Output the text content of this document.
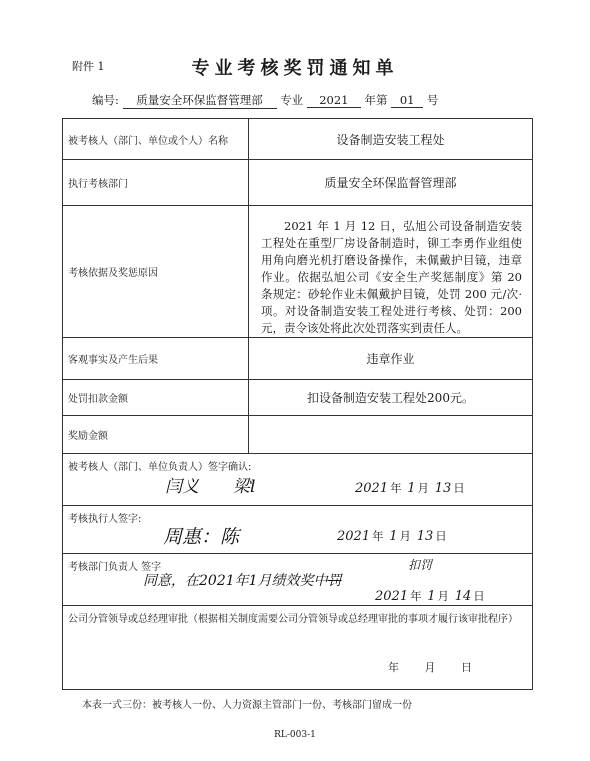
附件 1	专业考核奖罚通知单
编号: 质量安全环保监督管理部 专业 2021 年第 01 号
被考核人（部门、单位或个人）名称	设备制造安装工程处
执行考核部门	质量安全环保监督管理部
考核依据及奖惩原因
2021 年 1 月 12 日，弘旭公司设备制造安装工程处在重型厂房设备制造时，铆工李勇作业组使用角向磨光机打磨设备操作，未佩戴护目镜，违章作业。依据弘旭公司《安全生产奖惩制度》第 20 条规定：砂轮作业未佩戴护目镜，处罚 200 元/次·项。对设备制造安装工程处进行考核、处罚：200 元，责令该处将此次处罚落实到责任人。
客观事实及产生后果	违章作业
处罚扣款金额	扣设备制造安装工程处200元。
奖励金额
被考核人（部门、单位负责人）签字确认:
闫义　　梁l	2021 年 1 月 13 日
考核执行人签字:
周惠：陈	2021 年 1 月 13 日
考核部门负责人 签字	扣罚
同意，在2021年1月绩效奖中罚
2021 年 1 月 14 日
公司分管领导或总经理审批（根据相关制度需要公司分管领导或总经理审批的事项才履行该审批程序）
年 月 日
本表一式三份：被考核人一份、人力资源主管部门一份、考核部门留成一份
RL-003-1
